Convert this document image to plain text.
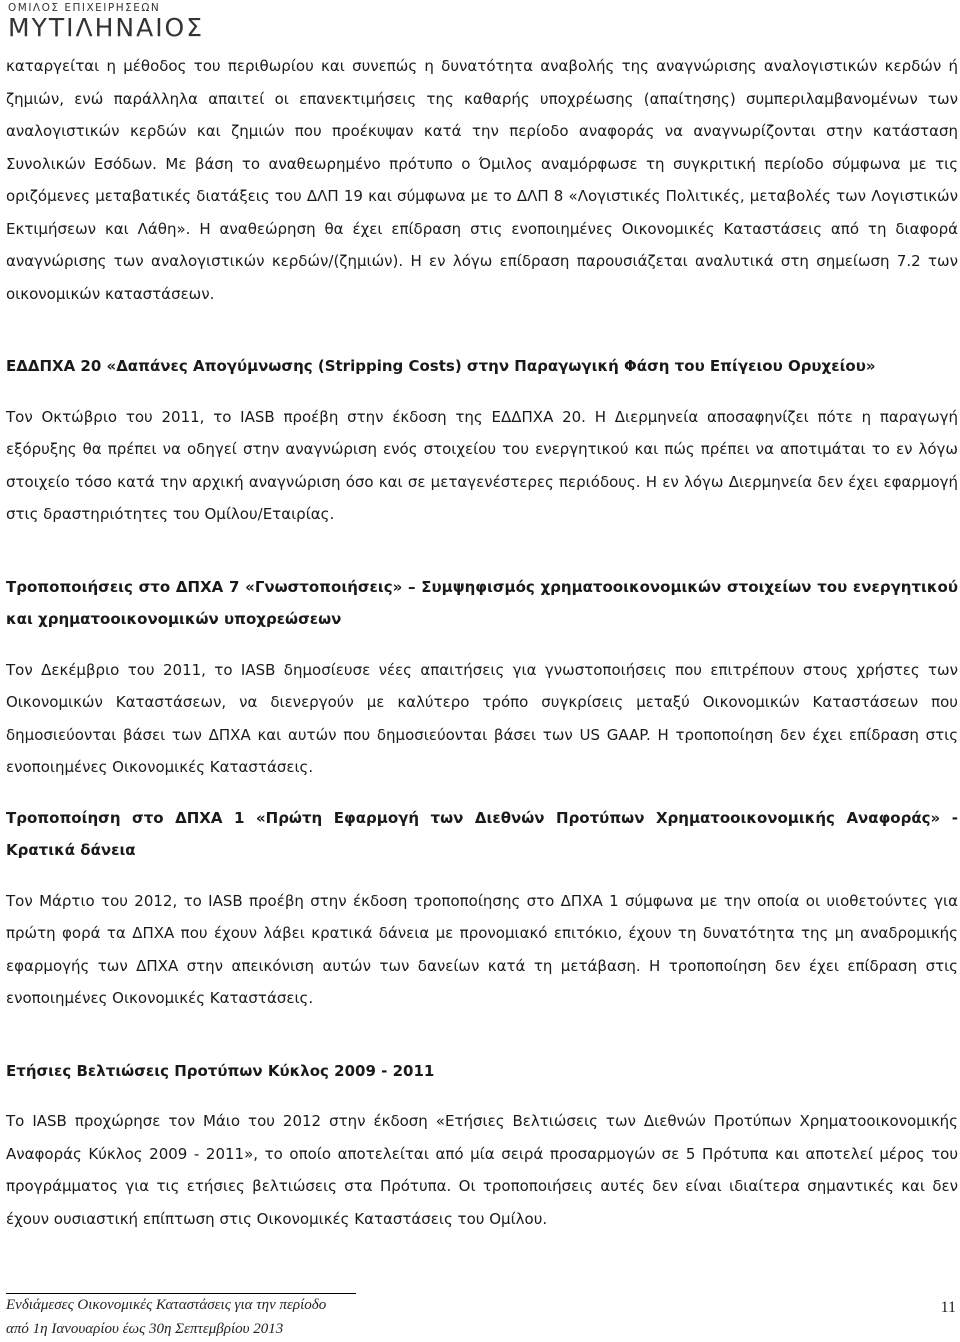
ΟΜΙΛΟΣ ΕΠΙΧΕΙΡΗΣΕΩΝ
ΜΥΤΙΛΗΝΑΙΟΣ

καταργείται η μέθοδος του περιθωρίου και συνεπώς η δυνατότητα αναβολής της αναγνώρισης αναλογιστικών κερδών ή ζημιών, ενώ παράλληλα απαιτεί οι επανεκτιμήσεις της καθαρής υποχρέωσης (απαίτησης) συμπεριλαμβανομένων των αναλογιστικών κερδών και ζημιών που προέκυψαν κατά την περίοδο αναφοράς να αναγνωρίζονται στην κατάσταση Συνολικών Εσόδων. Με βάση το αναθεωρημένο πρότυπο ο Όμιλος αναμόρφωσε τη συγκριτική περίοδο σύμφωνα με τις οριζόμενες μεταβατικές διατάξεις του ΔΛΠ 19 και σύμφωνα με το ΔΛΠ 8 «Λογιστικές Πολιτικές, μεταβολές των Λογιστικών Εκτιμήσεων και Λάθη». Η αναθεώρηση θα έχει επίδραση στις ενοποιημένες Οικονομικές Καταστάσεις από τη διαφορά αναγνώρισης των αναλογιστικών κερδών/(ζημιών). Η εν λόγω επίδραση παρουσιάζεται αναλυτικά στη σημείωση 7.2 των οικονομικών καταστάσεων.

ΕΔΔΠΧΑ 20 «Δαπάνες Απογύμνωσης (Stripping Costs) στην Παραγωγική Φάση του Επίγειου Ορυχείου»

Τον Οκτώβριο του 2011, το IASB προέβη στην έκδοση της ΕΔΔΠΧΑ 20. Η Διερμηνεία αποσαφηνίζει πότε η παραγωγή εξόρυξης θα πρέπει να οδηγεί στην αναγνώριση ενός στοιχείου του ενεργητικού και πώς πρέπει να αποτιμάται το εν λόγω στοιχείο τόσο κατά την αρχική αναγνώριση όσο και σε μεταγενέστερες περιόδους. Η εν λόγω Διερμηνεία δεν έχει εφαρμογή στις δραστηριότητες του Ομίλου/Εταιρίας.

Τροποποιήσεις στο ΔΠΧΑ 7 «Γνωστοποιήσεις» – Συμψηφισμός χρηματοοικονομικών στοιχείων του ενεργητικού και χρηματοοικονομικών υποχρεώσεων

Τον Δεκέμβριο του 2011, το IASB δημοσίευσε νέες απαιτήσεις για γνωστοποιήσεις που επιτρέπουν στους χρήστες των Οικονομικών Καταστάσεων, να διενεργούν με καλύτερο τρόπο συγκρίσεις μεταξύ Οικονομικών Καταστάσεων που δημοσιεύονται βάσει των ΔΠΧΑ και αυτών που δημοσιεύονται βάσει των US GAAP. Η τροποποίηση δεν έχει επίδραση στις ενοποιημένες Οικονομικές Καταστάσεις.

Τροποποίηση στο ΔΠΧΑ 1 «Πρώτη Εφαρμογή των Διεθνών Προτύπων Χρηματοοικονομικής Αναφοράς» - Κρατικά δάνεια

Τον Μάρτιο του 2012, το IASB προέβη στην έκδοση τροποποίησης στο ΔΠΧΑ 1 σύμφωνα με την οποία οι υιοθετούντες για πρώτη φορά τα ΔΠΧΑ που έχουν λάβει κρατικά δάνεια με προνομιακό επιτόκιο, έχουν τη δυνατότητα της μη αναδρομικής εφαρμογής των ΔΠΧΑ στην απεικόνιση αυτών των δανείων κατά τη μετάβαση. Η τροποποίηση δεν έχει επίδραση στις ενοποιημένες Οικονομικές Καταστάσεις.

Ετήσιες Βελτιώσεις Προτύπων Κύκλος 2009 - 2011

Το IASB προχώρησε τον Μάιο του 2012 στην έκδοση «Ετήσιες Βελτιώσεις των Διεθνών Προτύπων Χρηματοοικονομικής Αναφοράς Κύκλος 2009 - 2011», το οποίο αποτελείται από μία σειρά προσαρμογών σε 5 Πρότυπα και αποτελεί μέρος του προγράμματος για τις ετήσιες βελτιώσεις στα Πρότυπα. Οι τροποποιήσεις αυτές δεν είναι ιδιαίτερα σημαντικές και δεν έχουν ουσιαστική επίπτωση στις Οικονομικές Καταστάσεις του Ομίλου.

Ενδιάμεσες Οικονομικές Καταστάσεις για την περίοδο
από 1η Ιανουαρίου έως 30η Σεπτεμβρίου 2013
11
